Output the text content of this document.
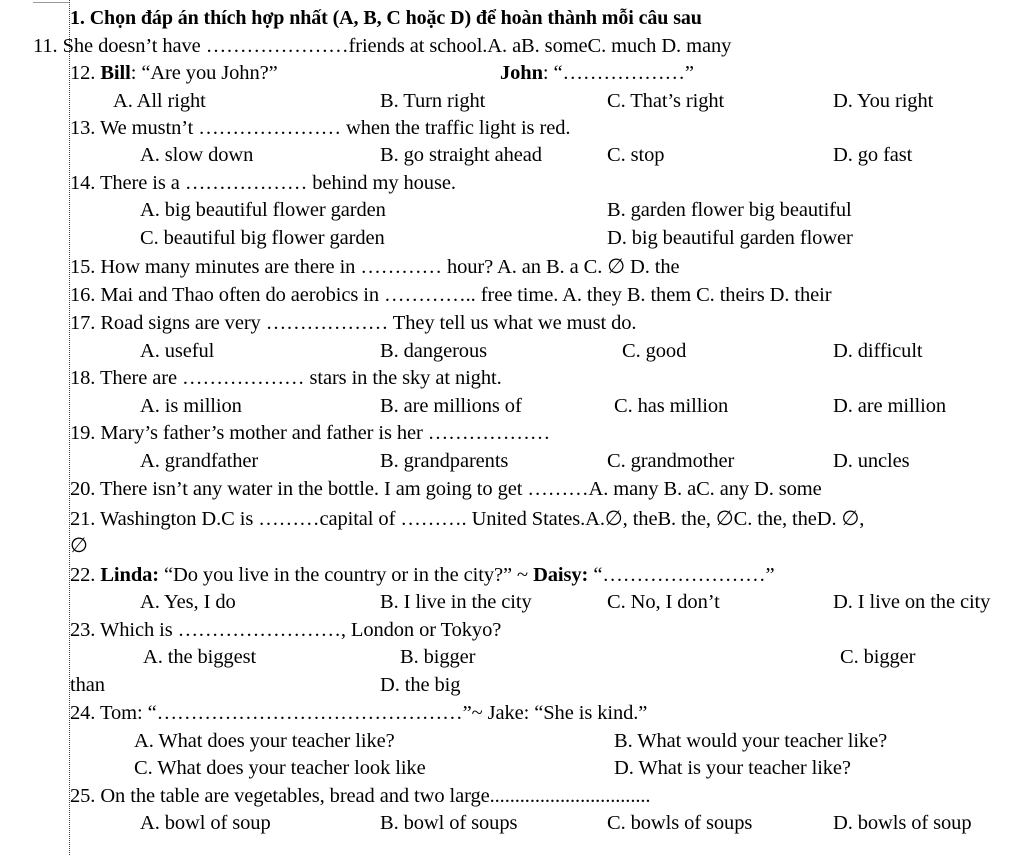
1. Chọn đáp án thích hợp nhất (A, B, C hoặc D) để hoàn thành mỗi câu sau
11. She doesn’t have …………………friends at school.A. aB. someC. much D. many
12. Bill: “Are you John?”	John: “………………”
A. All right	B. Turn right	C. That’s right	D. You right
13. We mustn’t ………………… when the traffic light is red.
A. slow down	B. go straight ahead	C. stop	D. go fast
14. There is a ……………… behind my house.
A. big beautiful flower garden	B. garden flower big beautiful
C. beautiful big flower garden	D. big beautiful garden flower
15. How many minutes are there in ………… hour? A. an B. a C. ∅ D. the
16. Mai and Thao often do aerobics in ………….. free time. A. they B. them C. theirs D. their
17. Road signs are very ……………… They tell us what we must do.
A. useful	B. dangerous	C. good	D. difficult
18. There are ……………… stars in the sky at night.
A. is million	B. are millions of	C. has million	D. are million
19. Mary’s father’s mother and father is her ………………
A. grandfather	B. grandparents	C. grandmother	D. uncles
20. There isn’t any water in the bottle. I am going to get ………A. many B. aC. any D. some
21. Washington D.C is ………capital of ………. United States.A.∅, theB. the, ∅C. the, theD. ∅,
∅
22. Linda: “Do you live in the country or in the city?” ~ Daisy: “……………………”
A. Yes, I do	B. I live in the city	C. No, I don’t	D. I live on the city
23. Which is ……………………, London or Tokyo?
A. the biggest	B. bigger	C. bigger
than	D. the big
24. Tom: “………………………………………”~ Jake: “She is kind.”
A. What does your teacher like?	B. What would your teacher like?
C. What does your teacher look like	D. What is your teacher like?
25. On the table are vegetables, bread and two large................................
A. bowl of soup	B. bowl of soups	C. bowls of soups	D. bowls of soup
